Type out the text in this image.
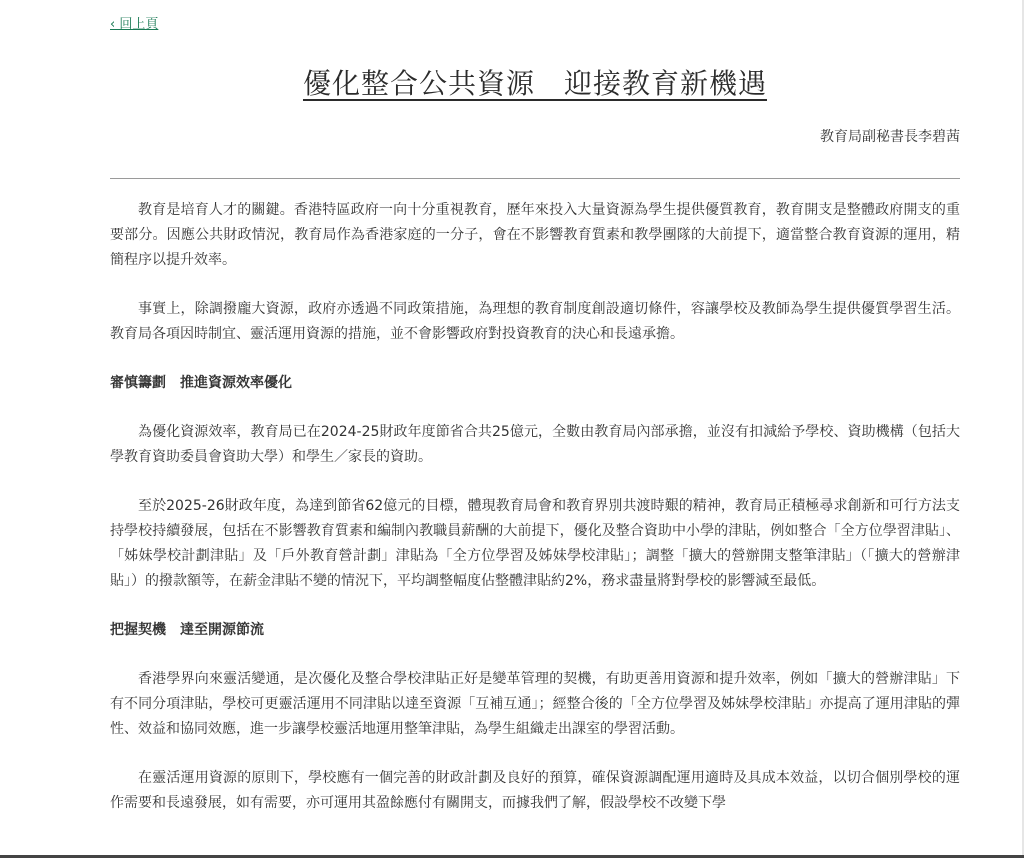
‹ 回上頁
優化整合公共資源　迎接教育新機遇
教育局副秘書長李碧茜

教育是培育人才的關鍵。香港特區政府一向十分重視教育，歷年來投入大量資源為學生提供優質教育，教育開支是整體政府開支的重要部分。因應公共財政情況，教育局作為香港家庭的一分子，會在不影響教育質素和教學團隊的大前提下，適當整合教育資源的運用，精簡程序以提升效率。

事實上，除調撥龐大資源，政府亦透過不同政策措施，為理想的教育制度創設適切條件，容讓學校及教師為學生提供優質學習生活。教育局各項因時制宜、靈活運用資源的措施，並不會影響政府對投資教育的決心和長遠承擔。

審慎籌劃　推進資源效率優化

為優化資源效率，教育局已在2024-25財政年度節省合共25億元，全數由教育局內部承擔，並沒有扣減給予學校、資助機構（包括大學教育資助委員會資助大學）和學生／家長的資助。

至於2025-26財政年度，為達到節省62億元的目標，體現教育局會和教育界別共渡時艱的精神，教育局正積極尋求創新和可行方法支持學校持續發展，包括在不影響教育質素和編制內教職員薪酬的大前提下，優化及整合資助中小學的津貼，例如整合「全方位學習津貼」、「姊妹學校計劃津貼」及「戶外教育營計劃」津貼為「全方位學習及姊妹學校津貼」；調整「擴大的營辦開支整筆津貼」（「擴大的營辦津貼」）的撥款額等，在薪金津貼不變的情況下，平均調整幅度佔整體津貼約2%，務求盡量將對學校的影響減至最低。

把握契機　達至開源節流

香港學界向來靈活變通，是次優化及整合學校津貼正好是變革管理的契機，有助更善用資源和提升效率，例如「擴大的營辦津貼」下有不同分項津貼，學校可更靈活運用不同津貼以達至資源「互補互通」；經整合後的「全方位學習及姊妹學校津貼」亦提高了運用津貼的彈性、效益和協同效應，進一步讓學校靈活地運用整筆津貼，為學生組織走出課室的學習活動。

在靈活運用資源的原則下，學校應有一個完善的財政計劃及良好的預算，確保資源調配運用適時及具成本效益，以切合個別學校的運作需要和長遠發展，如有需要，亦可運用其盈餘應付有關開支，而據我們了解，假設學校不改變下學
